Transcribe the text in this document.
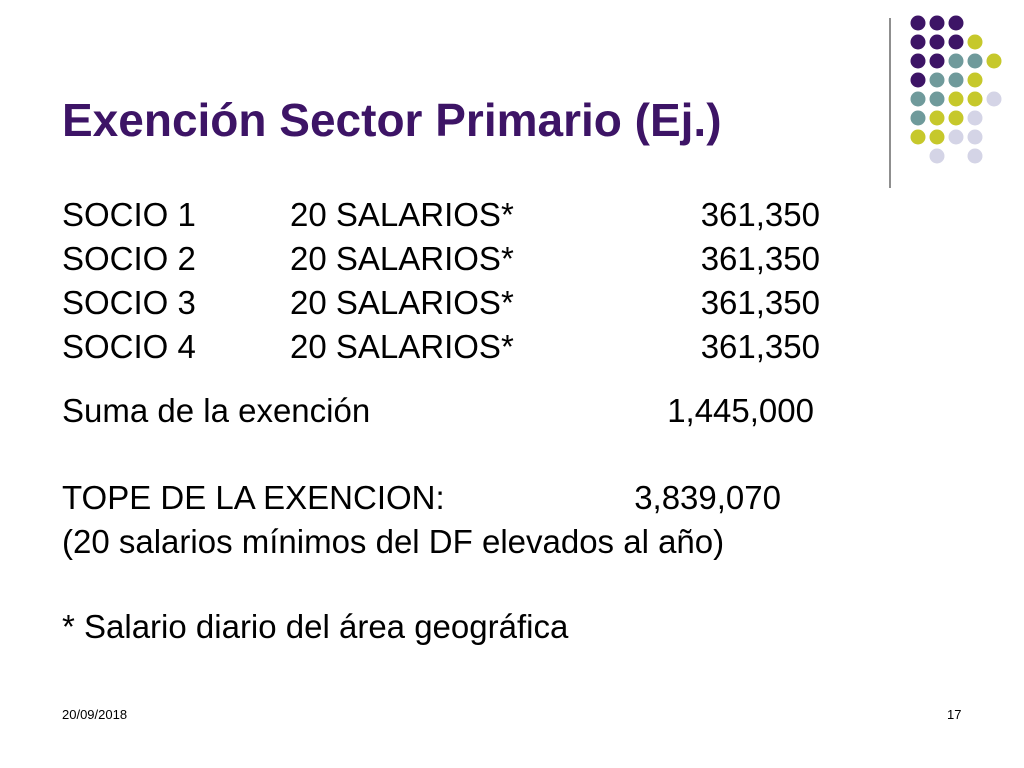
Exención Sector Primario (Ej.)
SOCIO 1	20 SALARIOS*	361,350
SOCIO 2	20 SALARIOS*	361,350
SOCIO 3	20 SALARIOS*	361,350
SOCIO 4	20 SALARIOS*	361,350
Suma de la exención	1,445,000
TOPE DE LA EXENCION:	3,839,070
(20 salarios mínimos del DF elevados al año)
* Salario diario del área geográfica
20/09/2018	17
